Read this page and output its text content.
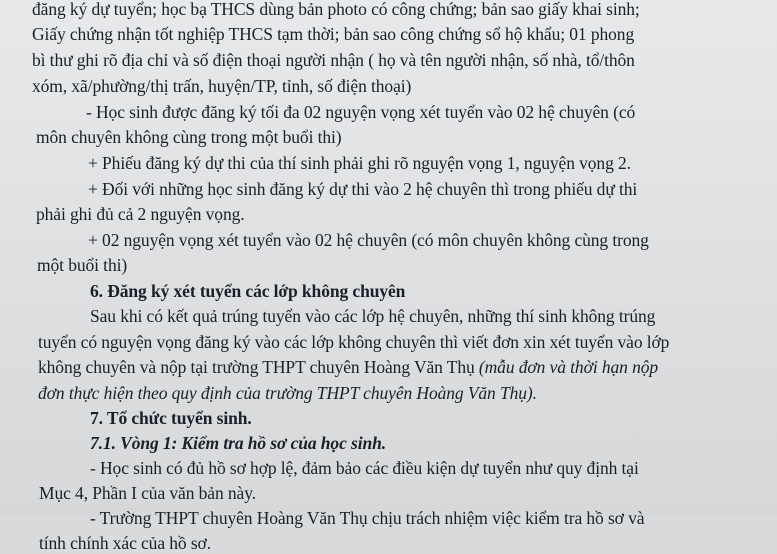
đăng ký dự tuyển; học bạ THCS dùng bản photo có công chứng; bản sao giấy khai sinh;
Giấy chứng nhận tốt nghiệp THCS tạm thời; bản sao công chứng sổ hộ khẩu; 01 phong
bì thư ghi rõ địa chỉ và số điện thoại người nhận ( họ và tên người nhận, số nhà, tổ/thôn
xóm, xã/phường/thị trấn, huyện/TP, tỉnh, số điện thoại)
- Học sinh được đăng ký tối đa 02 nguyện vọng xét tuyển vào 02 hệ chuyên (có
môn chuyên không cùng trong một buổi thi)
+ Phiếu đăng ký dự thi của thí sinh phải ghi rõ nguyện vọng 1, nguyện vọng 2.
+ Đối với những học sinh đăng ký dự thi vào 2 hệ chuyên thì trong phiếu dự thi
phải ghi đủ cả 2 nguyện vọng.
+ 02 nguyện vọng xét tuyển vào 02 hệ chuyên (có môn chuyên không cùng trong
một buổi thi)
6. Đăng ký xét tuyển các lớp không chuyên
Sau khi có kết quả trúng tuyển vào các lớp hệ chuyên, những thí sinh không trúng
tuyển có nguyện vọng đăng ký vào các lớp không chuyên thì viết đơn xin xét tuyển vào lớp
không chuyên và nộp tại trường THPT chuyên Hoàng Văn Thụ (mẫu đơn và thời hạn nộp
đơn thực hiện theo quy định của trường THPT chuyên Hoàng Văn Thụ).
7. Tổ chức tuyển sinh.
7.1. Vòng 1: Kiểm tra hồ sơ của học sinh.
- Học sinh có đủ hồ sơ hợp lệ, đảm bảo các điều kiện dự tuyển như quy định tại
Mục 4, Phần I của văn bản này.
- Trường THPT chuyên Hoàng Văn Thụ chịu trách nhiệm việc kiểm tra hồ sơ và
tính chính xác của hồ sơ.
